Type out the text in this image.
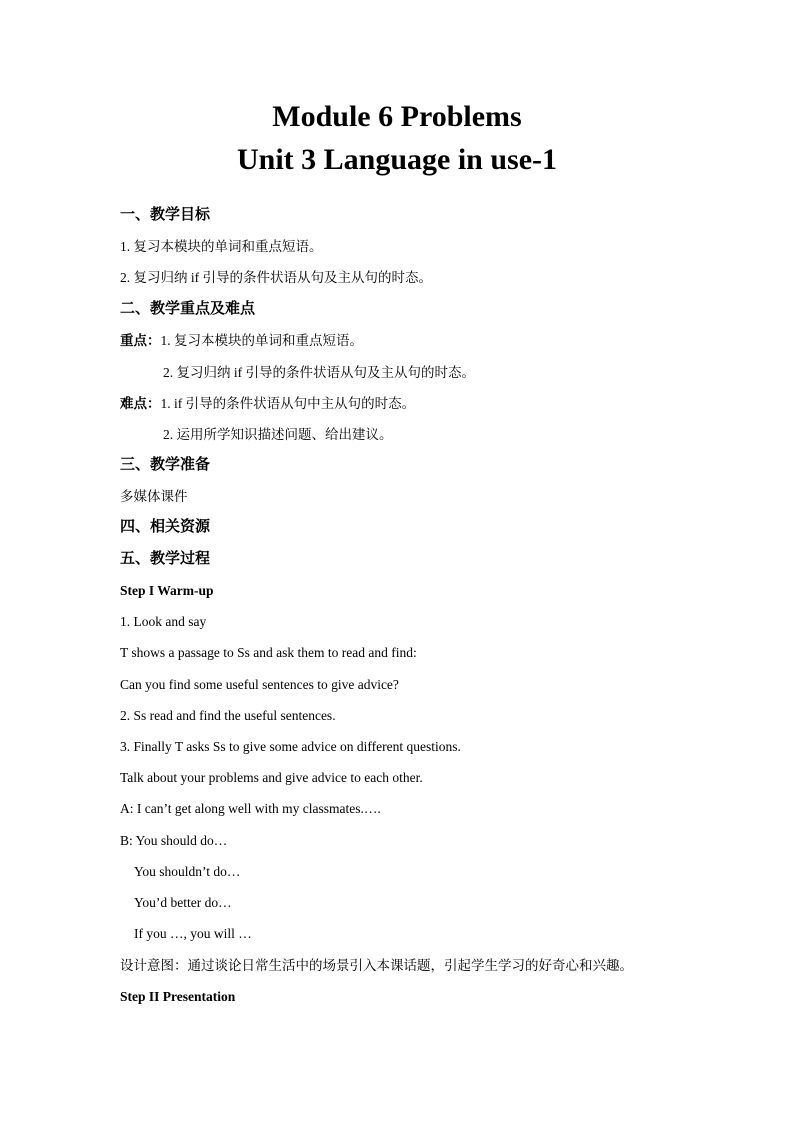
Module 6 Problems
Unit 3 Language in use-1
一、教学目标
1. 复习本模块的单词和重点短语。
2. 复习归纳 if 引导的条件状语从句及主从句的时态。
二、教学重点及难点
重点：1. 复习本模块的单词和重点短语。
2. 复习归纳 if 引导的条件状语从句及主从句的时态。
难点：1. if 引导的条件状语从句中主从句的时态。
2. 运用所学知识描述问题、给出建议。
三、教学准备
多媒体课件
四、相关资源
五、教学过程
Step I Warm-up
1. Look and say
T shows a passage to Ss and ask them to read and find:
Can you find some useful sentences to give advice?
2. Ss read and find the useful sentences.
3. Finally T asks Ss to give some advice on different questions.
Talk about your problems and give advice to each other.
A: I can’t get along well with my classmates.….
B: You should do…
You shouldn’t do…
You’d better do…
If you …, you will …
设计意图：通过谈论日常生活中的场景引入本课话题，引起学生学习的好奇心和兴趣。
Step II Presentation
